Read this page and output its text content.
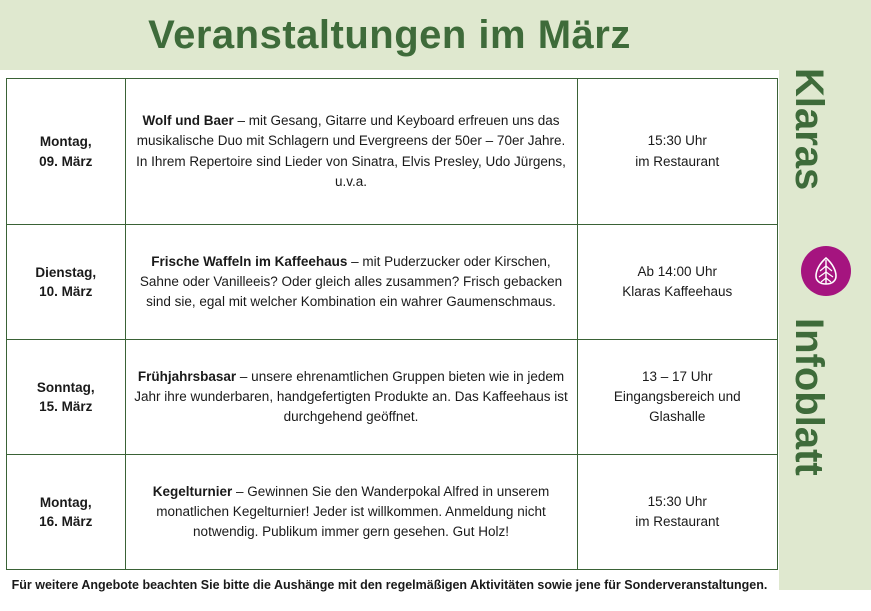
Veranstaltungen im März
Klaras
Infoblatt
Montag,
09. März
	Wolf und Baer – mit Gesang, Gitarre und Keyboard erfreuen uns das musikalische Duo mit Schlagern und Evergreens der 50er – 70er Jahre. In Ihrem Repertoire sind Lieder von Sinatra, Elvis Presley, Udo Jürgens, u.v.a.	
15:30 Uhr
im Restaurant

Dienstag,
10. März
	Frische Waffeln im Kaffeehaus – mit Puderzucker oder Kirschen, Sahne oder Vanilleeis? Oder gleich alles zusammen? Frisch gebacken sind sie, egal mit welcher Kombination ein wahrer Gaumenschmaus.	
Ab 14:00 Uhr
Klaras Kaffeehaus

Sonntag,
15. März
	Frühjahrsbasar – unsere ehrenamtlichen Gruppen bieten wie in jedem Jahr ihre wunderbaren, handgefertigten Produkte an. Das Kaffeehaus ist durchgehend geöffnet.	
13 – 17 Uhr
Eingangsbereich und Glashalle

Montag,
16. März
	Kegelturnier – Gewinnen Sie den Wanderpokal Alfred in unserem monatlichen Kegelturnier! Jeder ist willkommen. Anmeldung nicht notwendig. Publikum immer gern gesehen. Gut Holz!	
15:30 Uhr
im Restaurant
Für weitere Angebote beachten Sie bitte die Aushänge mit den regelmäßigen Aktivitäten sowie jene für Sonderveranstaltungen.
